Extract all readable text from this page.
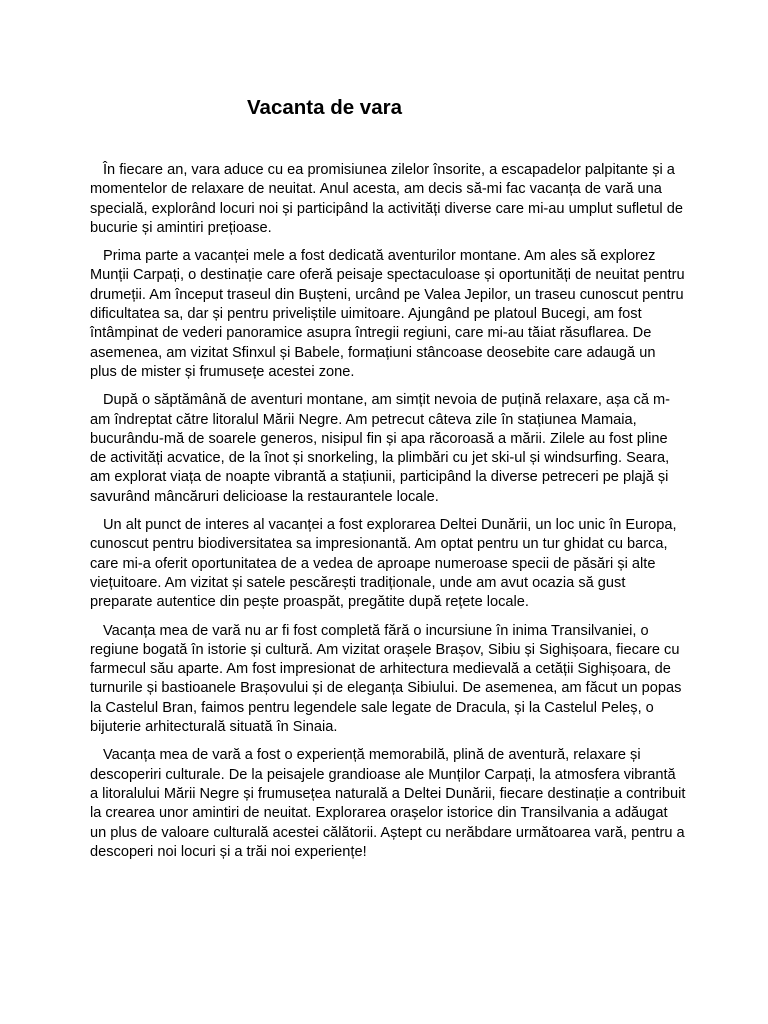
Vacanta de vara

În fiecare an, vara aduce cu ea promisiunea zilelor însorite, a escapadelor palpitante și a momentelor de relaxare de neuitat. Anul acesta, am decis să-mi fac vacanța de vară una specială, explorând locuri noi și participând la activități diverse care mi-au umplut sufletul de bucurie și amintiri prețioase.

Prima parte a vacanței mele a fost dedicată aventurilor montane. Am ales să explorez Munții Carpați, o destinație care oferă peisaje spectaculoase și oportunități de neuitat pentru drumeții. Am început traseul din Bușteni, urcând pe Valea Jepilor, un traseu cunoscut pentru dificultatea sa, dar și pentru priveliștile uimitoare. Ajungând pe platoul Bucegi, am fost întâmpinat de vederi panoramice asupra întregii regiuni, care mi-au tăiat răsuflarea. De asemenea, am vizitat Sfinxul și Babele, formațiuni stâncoase deosebite care adaugă un plus de mister și frumusețe acestei zone.

După o săptămână de aventuri montane, am simțit nevoia de puțină relaxare, așa că m-am îndreptat către litoralul Mării Negre. Am petrecut câteva zile în stațiunea Mamaia, bucurându-mă de soarele generos, nisipul fin și apa răcoroasă a mării. Zilele au fost pline de activități acvatice, de la înot și snorkeling, la plimbări cu jet ski-ul și windsurfing. Seara, am explorat viața de noapte vibrantă a stațiunii, participând la diverse petreceri pe plajă și savurând mâncăruri delicioase la restaurantele locale.

Un alt punct de interes al vacanței a fost explorarea Deltei Dunării, un loc unic în Europa, cunoscut pentru biodiversitatea sa impresionantă. Am optat pentru un tur ghidat cu barca, care mi-a oferit oportunitatea de a vedea de aproape numeroase specii de păsări și alte viețuitoare. Am vizitat și satele pescărești tradiționale, unde am avut ocazia să gust preparate autentice din pește proaspăt, pregătite după rețete locale.

Vacanța mea de vară nu ar fi fost completă fără o incursiune în inima Transilvaniei, o regiune bogată în istorie și cultură. Am vizitat orașele Brașov, Sibiu și Sighișoara, fiecare cu farmecul său aparte. Am fost impresionat de arhitectura medievală a cetății Sighișoara, de turnurile și bastioanele Brașovului și de eleganța Sibiului. De asemenea, am făcut un popas la Castelul Bran, faimos pentru legendele sale legate de Dracula, și la Castelul Peleș, o bijuterie arhitecturală situată în Sinaia.

Vacanța mea de vară a fost o experiență memorabilă, plină de aventură, relaxare și descoperiri culturale. De la peisajele grandioase ale Munților Carpați, la atmosfera vibrantă a litoralului Mării Negre și frumusețea naturală a Deltei Dunării, fiecare destinație a contribuit la crearea unor amintiri de neuitat. Explorarea orașelor istorice din Transilvania a adăugat un plus de valoare culturală acestei călătorii. Aștept cu nerăbdare următoarea vară, pentru a descoperi noi locuri și a trăi noi experiențe!
